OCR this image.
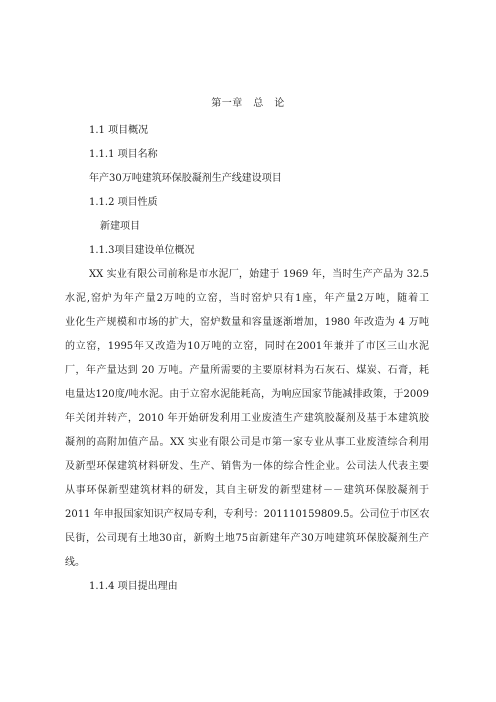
第一章　总　论
1.1 项目概况
1.1.1 项目名称
年产30万吨建筑环保胶凝剂生产线建设项目
1.1.2 项目性质
新建项目
1.1.3项目建设单位概况
XX 实业有限公司前称是市水泥厂，始建于 1969 年，当时生产产品为 32.5
水泥,窑炉为年产量2万吨的立窑，当时窑炉只有1座，年产量2万吨，随着工
业化生产规模和市场的扩大，窑炉数量和容量逐渐增加，1980 年改造为 4 万吨
的立窑，1995年又改造为10万吨的立窑，同时在2001年兼并了市区三山水泥
厂，年产量达到 20 万吨。产量所需要的主要原材料为石灰石、煤炭、石膏，耗
电量达120度/吨水泥。由于立窑水泥能耗高，为响应国家节能减排政策，于2009
年关闭并转产，2010 年开始研发利用工业废渣生产建筑胶凝剂及基于本建筑胶
凝剂的高附加值产品。XX 实业有限公司是市第一家专业从事工业废渣综合利用
及新型环保建筑材料研发、生产、销售为一体的综合性企业。公司法人代表主要
从事环保新型建筑材料的研发，其自主研发的新型建材－－建筑环保胶凝剂于
2011 年申报国家知识产权局专利，专利号：201110159809.5。公司位于市区农
民街，公司现有土地30亩，新购土地75亩新建年产30万吨建筑环保胶凝剂生产
线。
1.1.4 项目提出理由
